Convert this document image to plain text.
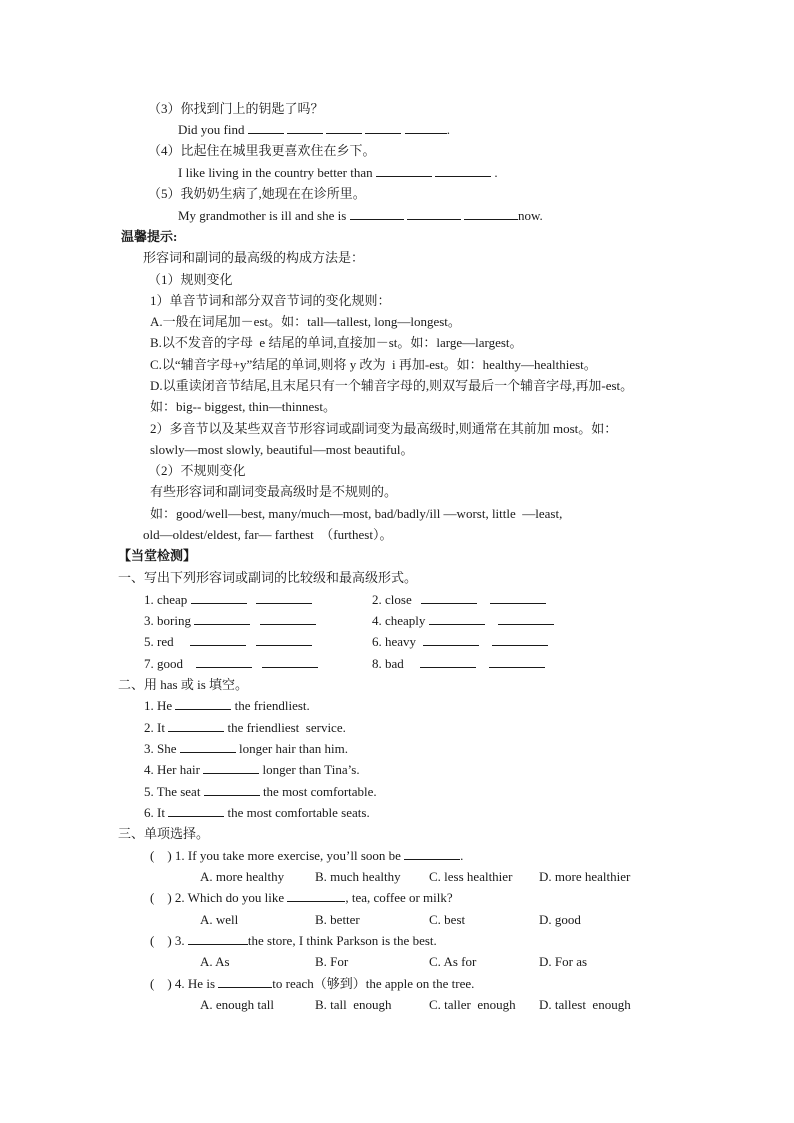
（3）你找到门上的钥匙了吗？
Did you find	.
（4）比起住在城里我更喜欢住在乡下。
I like living in the country better than	.
（5）我奶奶生病了,她现在在诊所里。
My grandmother is ill and she is	now.
温馨提示:
形容词和副词的最高级的构成方法是：
（1）规则变化
1）单音节词和部分双音节词的变化规则：
A.一般在词尾加－est。如：tall—tallest, long—longest。
B.以不发音的字母  e 结尾的单词,直接加－st。如：large—largest。
C.以“辅音字母+y”结尾的单词,则将 y 改为  i 再加-est。如：healthy—healthiest。
D.以重读闭音节结尾,且末尾只有一个辅音字母的,则双写最后一个辅音字母,再加-est。
如：big-- biggest, thin—thinnest。
2）多音节以及某些双音节形容词或副词变为最高级时,则通常在其前加 most。如：
slowly—most slowly, beautiful—most beautiful。
（2）不规则变化
有些形容词和副词变最高级时是不规则的。
如：good/well—best, many/much—most, bad/badly/ill —worst, little  —least,
old—oldest/eldest, far— farthest  （furthest）。
【当堂检测】
一、写出下列形容词或副词的比较级和最高级形式。
1. cheap	2. close
3. boring	4. cheaply
5. red	6. heavy
7. good	8. bad
二、用 has 或 is 填空。
1. He	the friendliest.
2. It	the friendliest  service.
3. She	longer hair than him.
4. Her hair	longer than Tina’s.
5. The seat	the most comfortable.
6. It	the most comfortable seats.
三、单项选择。
(    ) 1. If you take more exercise, you’ll soon be	.
A. more healthy B. much healthy C. less healthier D. more healthier
(    ) 2. Which do you like	, tea, coffee or milk?
A. well	B. better	C. best	D. good
(    ) 3.	the store, I think Parkson is the best.
A. As	B. For	C. As for	D. For as
(    ) 4. He is	to reach（够到）the apple on the tree.
A. enough tall	B. tall  enough	C. taller  enough D. tallest  enough
